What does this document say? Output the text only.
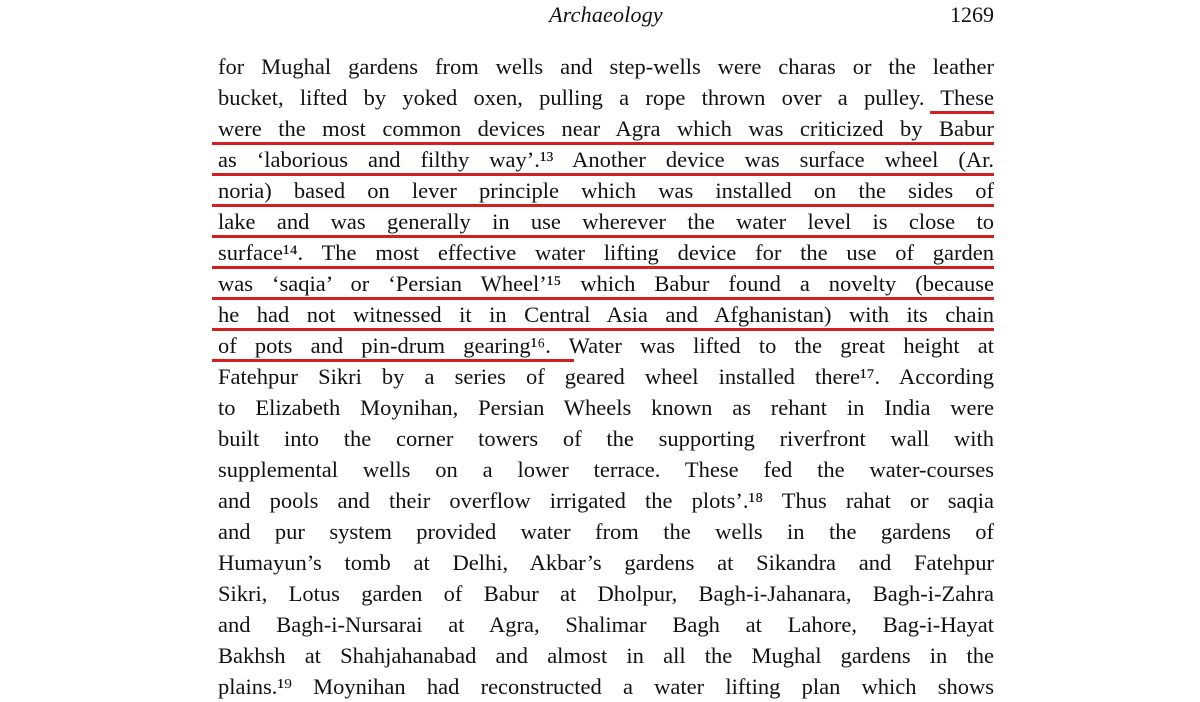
Archaeology	1269
for Mughal gardens from wells and step-wells were charas or the leather
bucket, lifted by yoked oxen, pulling a rope thrown over a pulley. These
were the most common devices near Agra which was criticized by Babur
as ‘laborious and filthy way’.¹³ Another device was surface wheel (Ar.
noria) based on lever principle which was installed on the sides of
lake and was generally in use wherever the water level is close to
surface¹⁴. The most effective water lifting device for the use of garden
was ‘saqia’ or ‘Persian Wheel’¹⁵ which Babur found a novelty (because
he had not witnessed it in Central Asia and Afghanistan) with its chain
of pots and pin-drum gearing¹⁶. Water was lifted to the great height at
Fatehpur Sikri by a series of geared wheel installed there¹⁷. According
to Elizabeth Moynihan, Persian Wheels known as rehant in India were
built into the corner towers of the supporting riverfront wall with
supplemental wells on a lower terrace. These fed the water-courses
and pools and their overflow irrigated the plots’.¹⁸ Thus rahat or saqia
and pur system provided water from the wells in the gardens of
Humayun’s tomb at Delhi, Akbar’s gardens at Sikandra and Fatehpur
Sikri, Lotus garden of Babur at Dholpur, Bagh-i-Jahanara, Bagh-i-Zahra
and Bagh-i-Nursarai at Agra, Shalimar Bagh at Lahore, Bag-i-Hayat
Bakhsh at Shahjahanabad and almost in all the Mughal gardens in the
plains.¹⁹ Moynihan had reconstructed a water lifting plan which shows
